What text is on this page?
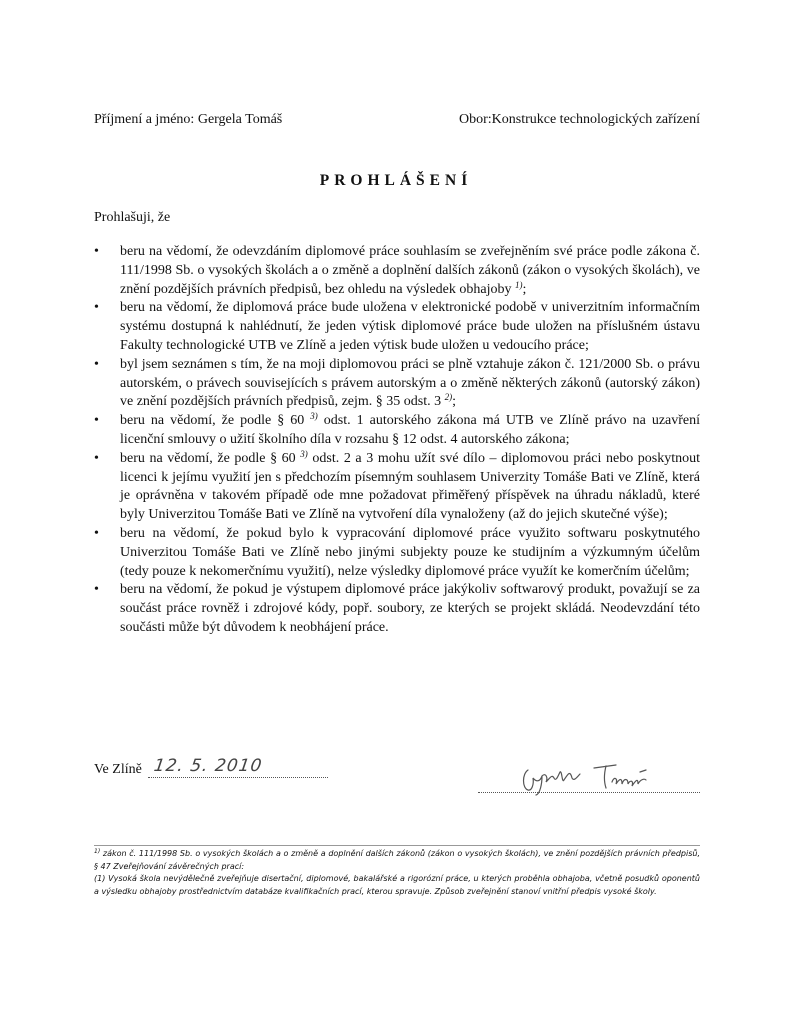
Příjmení a jméno: Gergela Tomáš	Obor:Konstrukce technologických zařízení
PROHLÁŠENÍ
Prohlašuji, že
•	beru na vědomí, že odevzdáním diplomové práce souhlasím se zveřejněním své práce podle zákona č. 111/1998 Sb. o vysokých školách a o změně a doplnění dalších zákonů (zákon o vysokých školách), ve znění pozdějších právních předpisů, bez ohledu na výsledek obhajoby $^{1)}$;
•	beru na vědomí, že diplomová práce bude uložena v elektronické podobě v univerzitním informačním systému dostupná k nahlédnutí, že jeden výtisk diplomové práce bude uložen na příslušném ústavu Fakulty technologické UTB ve Zlíně a jeden výtisk bude uložen u vedoucího práce;
•	byl jsem seznámen s tím, že na moji diplomovou práci se plně vztahuje zákon č. 121/2000 Sb. o právu autorském, o právech souvisejících s právem autorským a o změně některých zákonů (autorský zákon) ve znění pozdějších právních předpisů, zejm. § 35 odst. 3 $^{2)}$;
•	beru na vědomí, že podle § 60 $^{3)}$ odst. 1 autorského zákona má UTB ve Zlíně právo na uzavření licenční smlouvy o užití školního díla v rozsahu § 12 odst. 4 autorského zákona;
•	beru na vědomí, že podle § 60 $^{3)}$ odst. 2 a 3 mohu užít své dílo – diplomovou práci nebo poskytnout licenci k jejímu využití jen s předchozím písemným souhlasem Univerzity Tomáše Bati ve Zlíně, která je oprávněna v takovém případě ode mne požadovat přiměřený příspěvek na úhradu nákladů, které byly Univerzitou Tomáše Bati ve Zlíně na vytvoření díla vynaloženy (až do jejich skutečné výše);
•	beru na vědomí, že pokud bylo k vypracování diplomové práce využito softwaru poskytnutého Univerzitou Tomáše Bati ve Zlíně nebo jinými subjekty pouze ke studijním a výzkumným účelům (tedy pouze k nekomerčnímu využití), nelze výsledky diplomové práce využít ke komerčním účelům;
•	beru na vědomí, že pokud je výstupem diplomové práce jakýkoliv softwarový produkt, považují se za součást práce rovněž i zdrojové kódy, popř. soubory, ze kterých se projekt skládá. Neodevzdání této součásti může být důvodem k neobhájení práce.
Ve Zlíně 12. 5. 2010

$^{1)}$ zákon č. 111/1998 Sb. o vysokých školách a o změně a doplnění dalších zákonů (zákon o vysokých školách), ve znění pozdějších právních předpisů, § 47 Zveřejňování závěrečných prací:

(1) Vysoká škola nevýdělečně zveřejňuje disertační, diplomové, bakalářské a rigorózní práce, u kterých proběhla obhajoba, včetně posudků oponentů a výsledku obhajoby prostřednictvím databáze kvalifikačních prací, kterou spravuje. Způsob zveřejnění stanoví vnitřní předpis vysoké školy.
